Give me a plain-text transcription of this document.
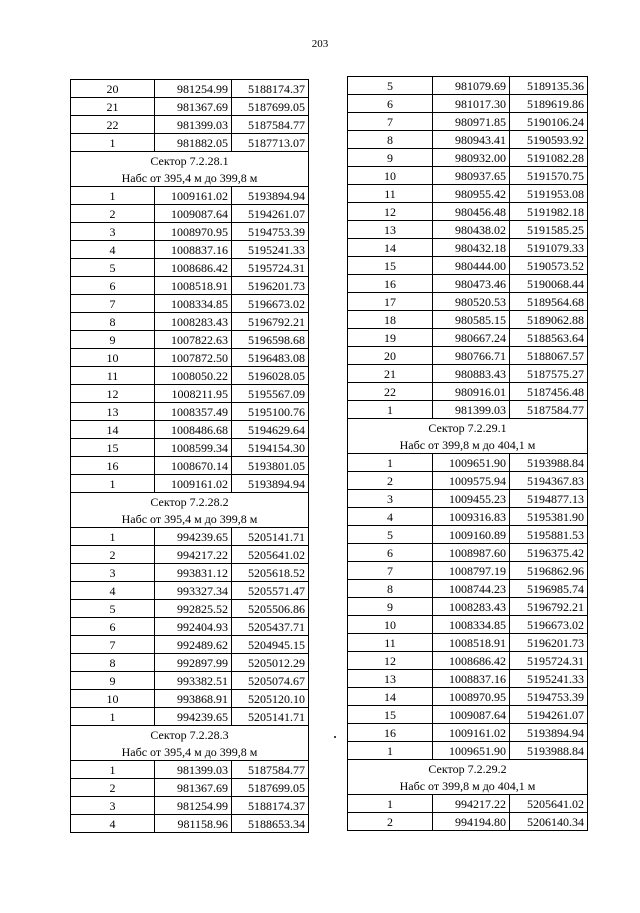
203
20	981254.99	5188174.37
21	981367.69	5187699.05
22	981399.03	5187584.77
1	981882.05	5187713.07
Сектор 7.2.28.1		
Набс от 395,4 м до 399,8 м		
1	1009161.02	5193894.94
2	1009087.64	5194261.07
3	1008970.95	5194753.39
4	1008837.16	5195241.33
5	1008686.42	5195724.31
6	1008518.91	5196201.73
7	1008334.85	5196673.02
8	1008283.43	5196792.21
9	1007822.63	5196598.68
10	1007872.50	5196483.08
11	1008050.22	5196028.05
12	1008211.95	5195567.09
13	1008357.49	5195100.76
14	1008486.68	5194629.64
15	1008599.34	5194154.30
16	1008670.14	5193801.05
1	1009161.02	5193894.94
Сектор 7.2.28.2		
Набс от 395,4 м до 399,8 м		
1	994239.65	5205141.71
2	994217.22	5205641.02
3	993831.12	5205618.52
4	993327.34	5205571.47
5	992825.52	5205506.86
6	992404.93	5205437.71
7	992489.62	5204945.15
8	992897.99	5205012.29
9	993382.51	5205074.67
10	993868.91	5205120.10
1	994239.65	5205141.71
Сектор 7.2.28.3		
Набс от 395,4 м до 399,8 м		
1	981399.03	5187584.77
2	981367.69	5187699.05
3	981254.99	5188174.37
4	981158.96	5188653.34
5	981079.69	5189135.36
6	981017.30	5189619.86
7	980971.85	5190106.24
8	980943.41	5190593.92
9	980932.00	5191082.28
10	980937.65	5191570.75
11	980955.42	5191953.08
12	980456.48	5191982.18
13	980438.02	5191585.25
14	980432.18	5191079.33
15	980444.00	5190573.52
16	980473.46	5190068.44
17	980520.53	5189564.68
18	980585.15	5189062.88
19	980667.24	5188563.64
20	980766.71	5188067.57
21	980883.43	5187575.27
22	980916.01	5187456.48
1	981399.03	5187584.77
Сектор 7.2.29.1		
Набс от 399,8 м до 404,1 м		
1	1009651.90	5193988.84
2	1009575.94	5194367.83
3	1009455.23	5194877.13
4	1009316.83	5195381.90
5	1009160.89	5195881.53
6	1008987.60	5196375.42
7	1008797.19	5196862.96
8	1008744.23	5196985.74
9	1008283.43	5196792.21
10	1008334.85	5196673.02
11	1008518.91	5196201.73
12	1008686.42	5195724.31
13	1008837.16	5195241.33
14	1008970.95	5194753.39
15	1009087.64	5194261.07
16	1009161.02	5193894.94
1	1009651.90	5193988.84
Сектор 7.2.29.2		
Набс от 399,8 м до 404,1 м		
1	994217.22	5205641.02
2	994194.80	5206140.34
